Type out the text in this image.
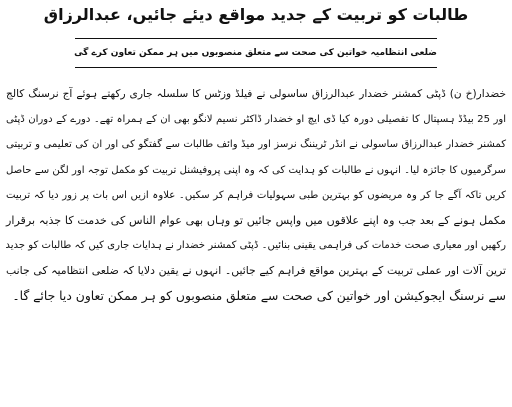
طالبات کو تربیت کے جدید مواقع دیئے جائیں، عبدالرزاق
ضلعی انتظامیہ خواتین کی صحت سے متعلق منصوبوں میں ہر ممکن تعاون کرے گی

خضدار(خ ن) ڈپٹی کمشنر خضدار عبدالرزاق ساسولی نے فیلڈ وزٹس کا سلسلہ جاری رکھتے ہوئے آج نرسنگ کالج

اور 25 بیڈڈ ہسپتال کا تفصیلی دورہ کیا ڈی ایچ او خضدار ڈاکٹر نسیم لانگو بھی ان کے ہمراہ تھے۔ دورے کے دوران ڈپٹی

کمشنر خضدار عبدالرزاق ساسولی نے انڈر ٹریننگ نرسز اور میڈ وائف طالبات سے گفتگو کی اور ان کی تعلیمی و تربیتی

سرگرمیوں کا جائزہ لیا۔ انہوں نے طالبات کو ہدایت کی کہ وہ اپنی پروفیشنل تربیت کو مکمل توجہ اور لگن سے حاصل

کریں تاکہ آگے جا کر وہ مریضوں کو بہترین طبی سہولیات فراہم کر سکیں۔ علاوہ ازیں اس بات پر زور دیا کہ تربیت

مکمل ہونے کے بعد جب وہ اپنے علاقوں میں واپس جائیں تو وہاں بھی عوام الناس کی خدمت کا جذبہ برقرار

رکھیں اور معیاری صحت خدمات کی فراہمی یقینی بنائیں۔ ڈپٹی کمشنر خضدار نے ہدایات جاری کیں کہ طالبات کو جدید

ترین آلات اور عملی تربیت کے بہترین مواقع فراہم کیے جائیں۔ انہوں نے یقین دلایا کہ ضلعی انتظامیہ کی جانب

سے نرسنگ ایجوکیشن اور خواتین کی صحت سے متعلق منصوبوں کو ہر ممکن تعاون دیا جائے گا۔
